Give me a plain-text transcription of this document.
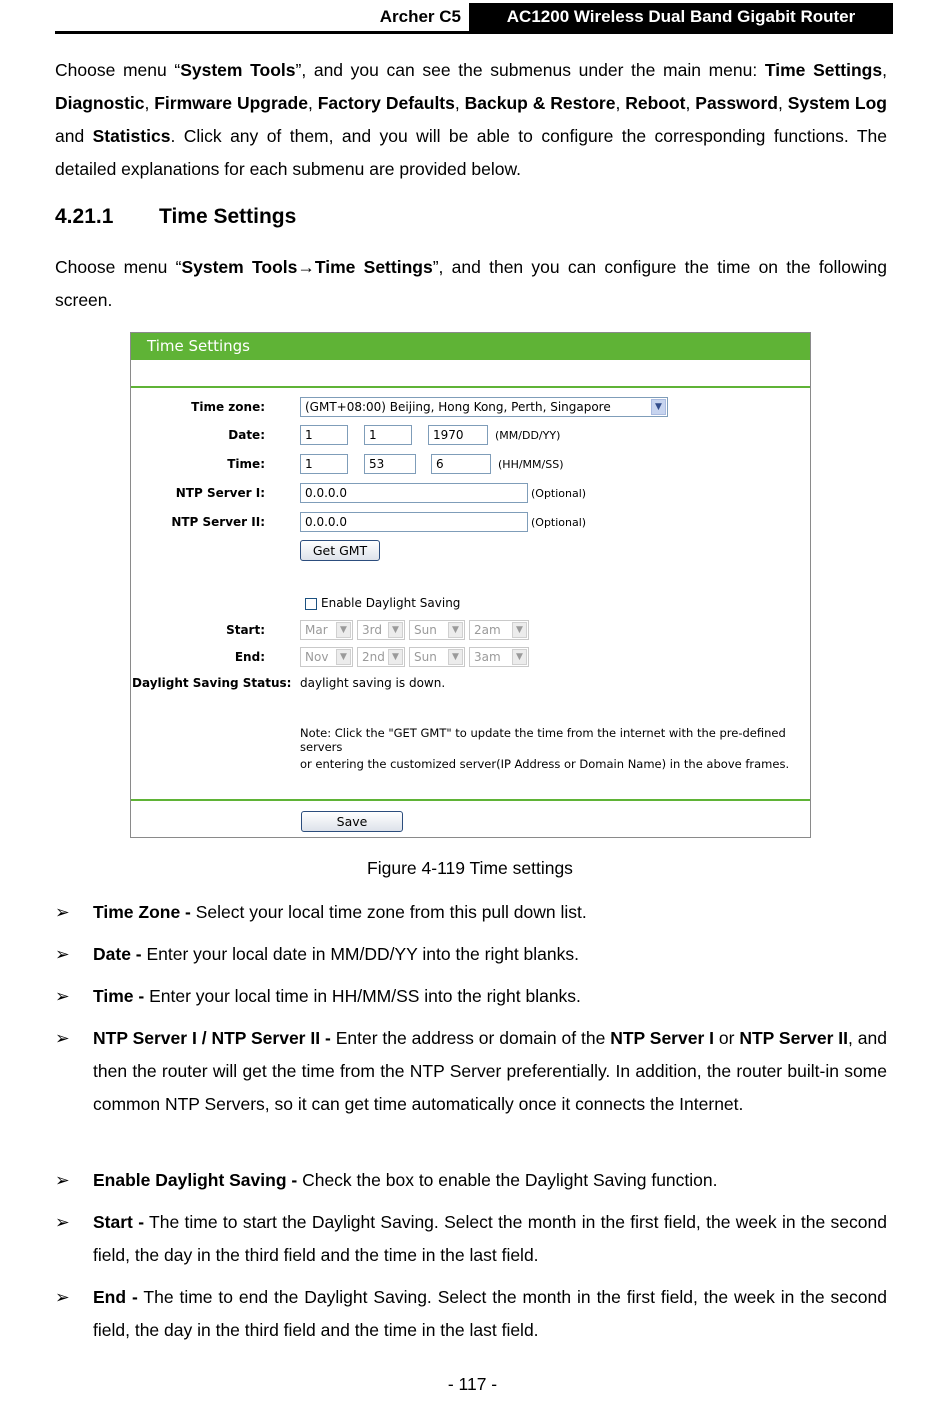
Archer C5	AC1200 Wireless Dual Band Gigabit Router
Choose menu “System Tools”, and you can see the submenus under the main menu: Time Settings, Diagnostic, Firmware Upgrade, Factory Defaults, Backup & Restore, Reboot, Password, System Log and Statistics. Click any of them, and you will be able to configure the corresponding functions. The detailed explanations for each submenu are provided below.
4.21.1 Time Settings
Choose menu “System Tools→Time Settings”, and then you can configure the time on the following screen.
Time Settings
Time zone:	(GMT+08:00) Beijing, Hong Kong, Perth, Singapore	▼
Date:	1	1	1970	(MM/DD/YY)
Time:	1	53	6	(HH/MM/SS)
NTP Server I:	0.0.0.0	(Optional)
NTP Server II:	0.0.0.0	(Optional)
Get GMT
Enable Daylight Saving
Start:	Mar	▼	3rd	▼	Sun	▼	2am	▼
End:	Nov	▼	2nd ▼	Sun	▼	3am	▼
Daylight Saving Status: daylight saving is down.
Note: Click the "GET GMT" to update the time from the internet with the pre-defined servers
or entering the customized server(IP Address or Domain Name) in the above frames.
Save
Figure 4-119 Time settings
➢	Time Zone - Select your local time zone from this pull down list.
➢	Date - Enter your local date in MM/DD/YY into the right blanks.
➢	Time - Enter your local time in HH/MM/SS into the right blanks.
➢	NTP Server I / NTP Server II - Enter the address or domain of the NTP Server I or NTP Server II, and then the router will get the time from the NTP Server preferentially. In addition, the router built-in some common NTP Servers, so it can get time automatically once it connects the Internet.
➢	Enable Daylight Saving - Check the box to enable the Daylight Saving function.
➢	Start - The time to start the Daylight Saving. Select the month in the first field, the week in the second field, the day in the third field and the time in the last field.
➢	End - The time to end the Daylight Saving. Select the month in the first field, the week in the second field, the day in the third field and the time in the last field.
- 117 -
